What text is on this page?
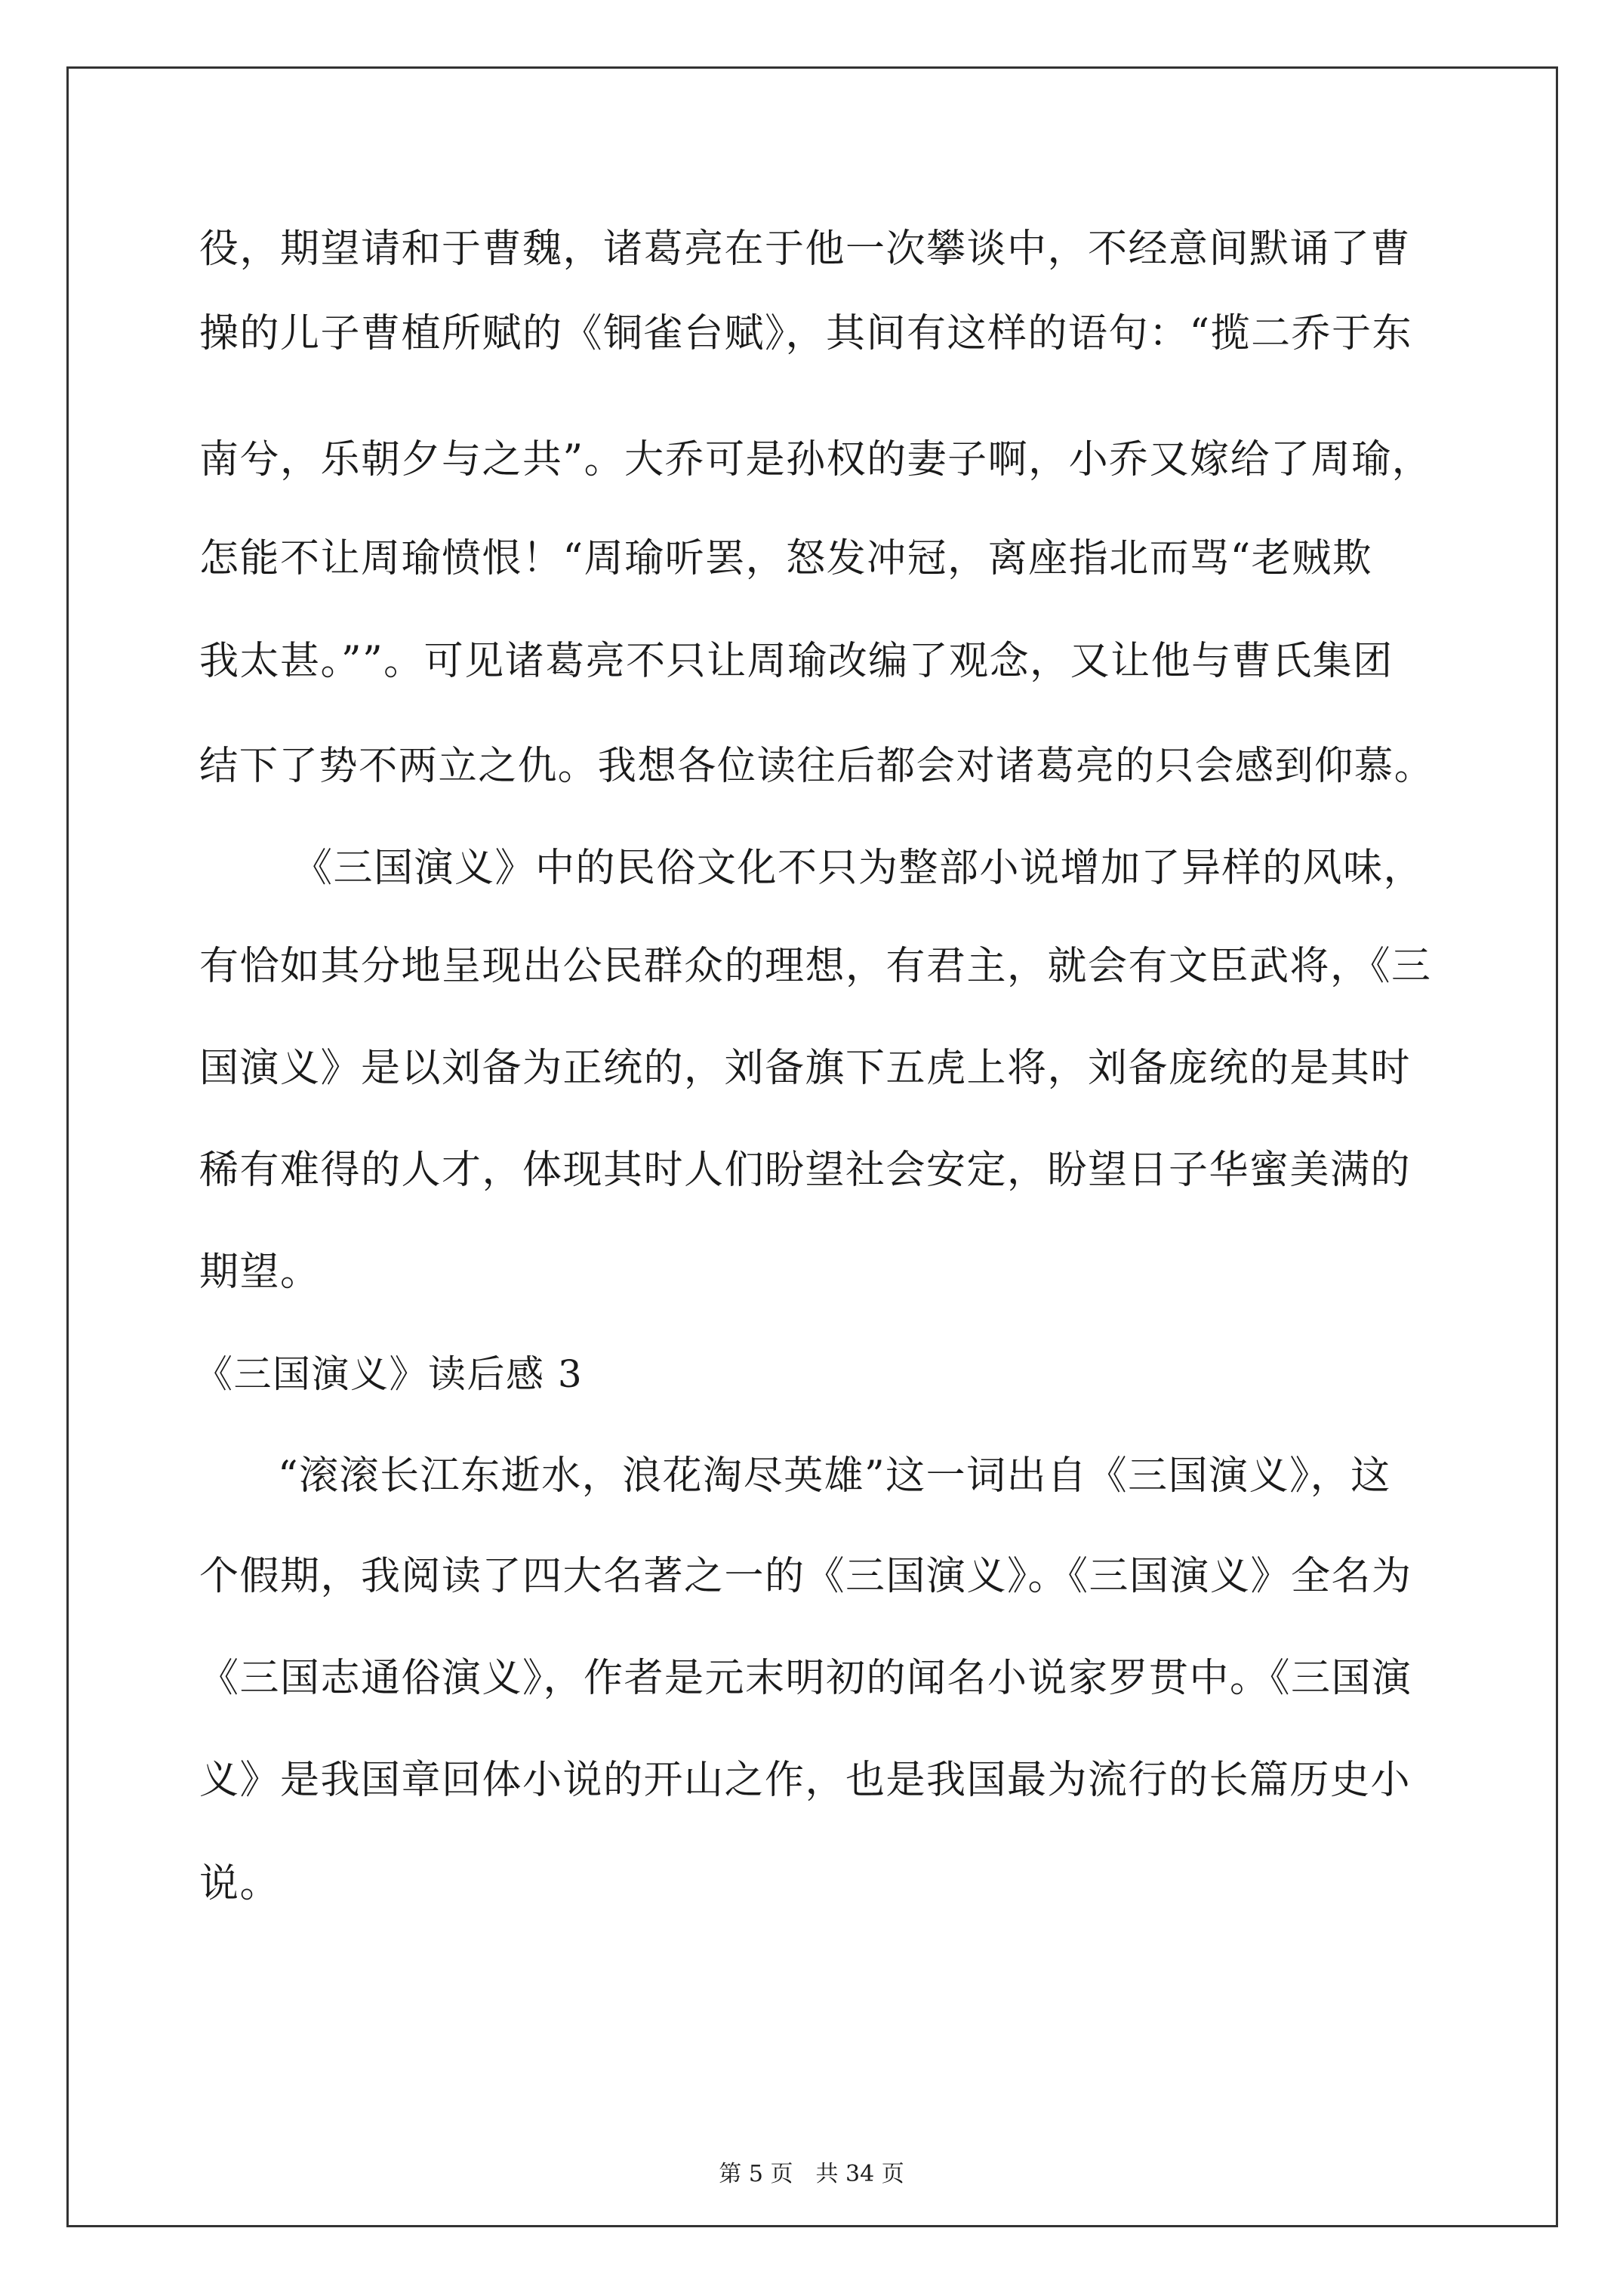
役，期望请和于曹魏，诸葛亮在于他一次攀谈中，不经意间默诵了曹
操的儿子曹植所赋的《铜雀台赋》，其间有这样的语句：“揽二乔于东
南兮，乐朝夕与之共”。大乔可是孙权的妻子啊，小乔又嫁给了周瑜，
怎能不让周瑜愤恨！“周瑜听罢，怒发冲冠，离座指北而骂“老贼欺
我太甚。””。可见诸葛亮不只让周瑜改编了观念，又让他与曹氏集团
结下了势不两立之仇。我想各位读往后都会对诸葛亮的只会感到仰慕。
《三国演义》中的民俗文化不只为整部小说增加了异样的风味，
有恰如其分地呈现出公民群众的理想，有君主，就会有文臣武将，《三
国演义》是以刘备为正统的，刘备旗下五虎上将，刘备庞统的是其时
稀有难得的人才，体现其时人们盼望社会安定，盼望日子华蜜美满的
期望。
《三国演义》读后感 3
“滚滚长江东逝水，浪花淘尽英雄”这一词出自《三国演义》，这
个假期，我阅读了四大名著之一的《三国演义》。《三国演义》全名为
《三国志通俗演义》，作者是元末明初的闻名小说家罗贯中。《三国演
义》是我国章回体小说的开山之作，也是我国最为流行的长篇历史小
说。
第 5 页　共 34 页
